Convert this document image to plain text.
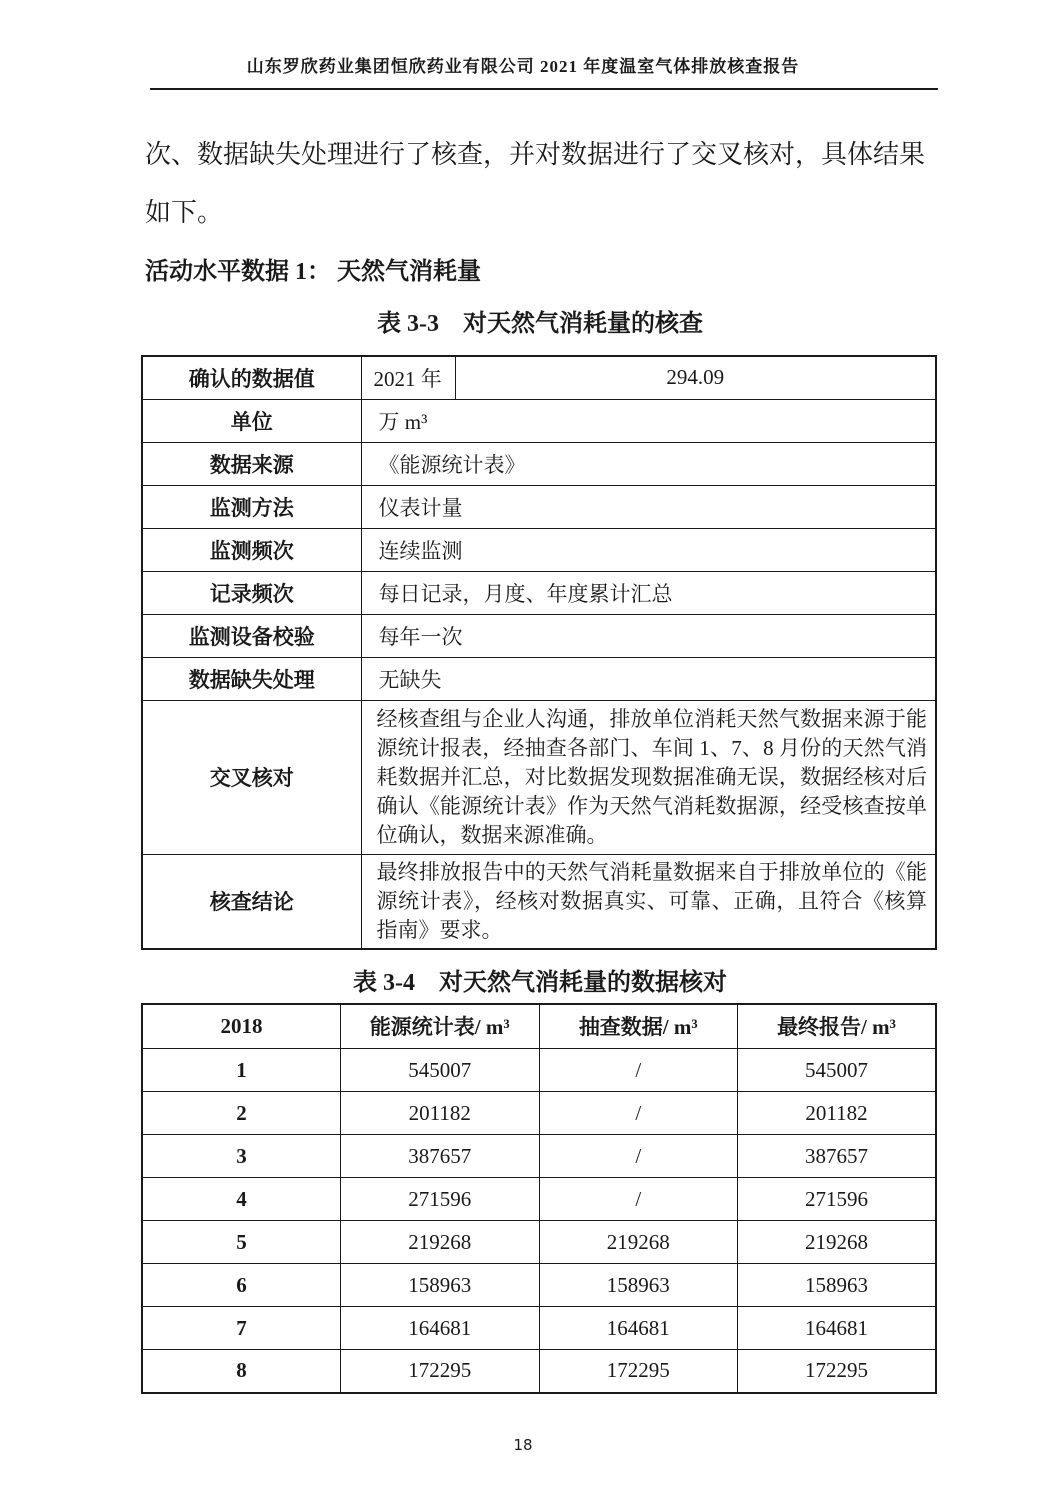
山东罗欣药业集团恒欣药业有限公司 2021 年度温室气体排放核查报告
次、数据缺失处理进行了核查，并对数据进行了交叉核对，具体结果
如下。
活动水平数据 1： 天然气消耗量
表 3-3　对天然气消耗量的核查
确认的数据值	2021 年	294.09
单位	万 m³	
数据来源	《能源统计表》	
监测方法	仪表计量	
监测频次	连续监测	
记录频次	每日记录，月度、年度累计汇总	
监测设备校验	每年一次	
数据缺失处理	无缺失	
交叉核对	经核查组与企业人沟通，排放单位消耗天然气数据来源于能源统计报表，经抽查各部门、车间 1、7、8 月份的天然气消耗数据并汇总，对比数据发现数据准确无误，数据经核对后确认《能源统计表》作为天然气消耗数据源，经受核查按单位确认，数据来源准确。	
核查结论	最终排放报告中的天然气消耗量数据来自于排放单位的《能源统计表》，经核对数据真实、可靠、正确，且符合《核算指南》要求。	
表 3-4　对天然气消耗量的数据核对
2018	能源统计表/ m³	抽查数据/ m³	最终报告/ m³
1	545007	/	545007
2	201182	/	201182
3	387657	/	387657
4	271596	/	271596
5	219268	219268	219268
6	158963	158963	158963
7	164681	164681	164681
8	172295	172295	172295
18
